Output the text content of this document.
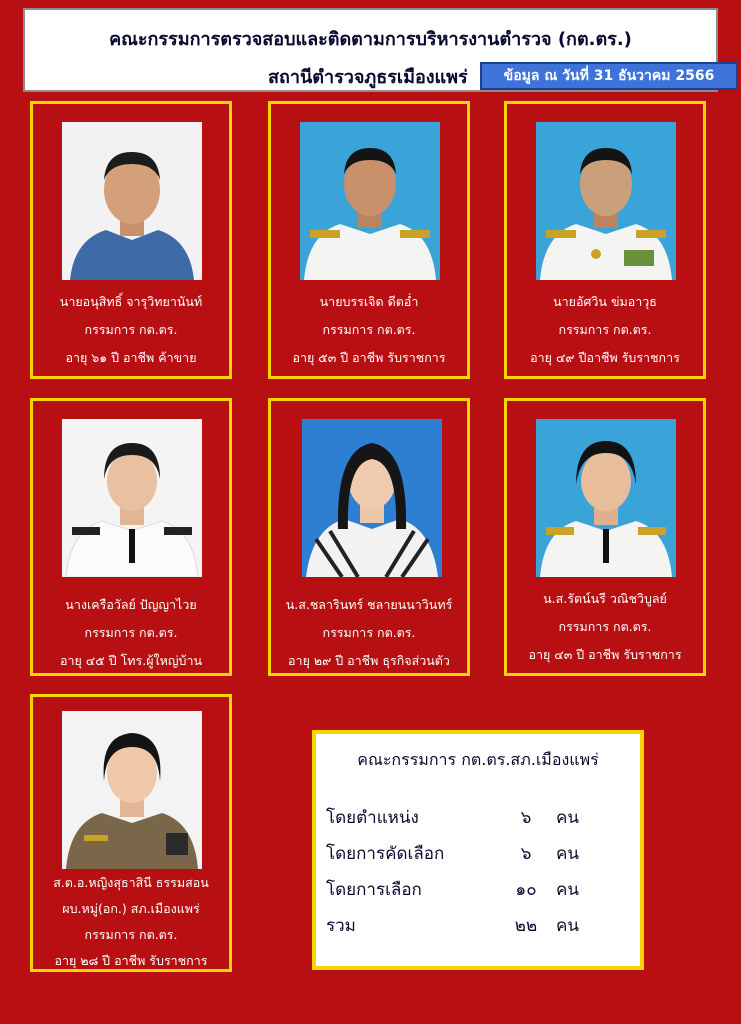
คณะกรรมการตรวจสอบและติดตามการบริหารงานตำรวจ (กต.ตร.)
สถานีตำรวจภูธรเมืองแพร่	ข้อมูล ณ วันที่ 31 ธันวาคม 2566
นายอนุสิทธิ์ จารุวิทยานันท์
กรรมการ กต.ตร.
อายุ ๖๑ ปี อาชีพ ค้าขาย
นายบรรเจิด ดีตอ่ำ
กรรมการ กต.ตร.
อายุ ๕๓ ปี อาชีพ รับราชการ
นายอัศวิน ข่มอาวุธ
กรรมการ กต.ตร.
อายุ ๔๙ ปีอาชีพ รับราชการ
นางเครือวัลย์ ปัญญาไวย
กรรมการ กต.ตร.
อายุ ๔๕ ปี โทร.ผู้ใหญ่บ้าน
น.ส.ชลารินทร์ ชลายนนาวินทร์
กรรมการ กต.ตร.
อายุ ๒๙ ปี อาชีพ ธุรกิจส่วนตัว
น.ส.รัตน์นรี วณิชวิบูลย์
กรรมการ กต.ตร.
อายุ ๔๓ ปี อาชีพ รับราชการ
ส.ต.อ.หญิงสุธาสินี ธรรมสอน
ผบ.หมู่(อก.) สภ.เมืองแพร่
กรรมการ กต.ตร.
อายุ ๒๘ ปี อาชีพ รับราชการ
คณะกรรมการ กต.ตร.สภ.เมืองแพร่
โดยตำแหน่ง	๖	คน
โดยการคัดเลือก	๖	คน
โดยการเลือก	๑๐	คน
รวม	๒๒	คน
